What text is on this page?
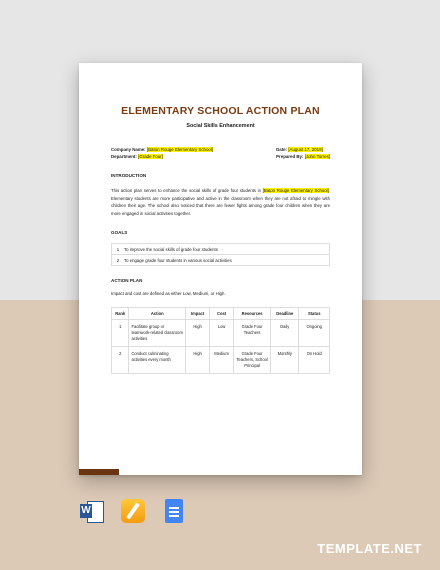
ELEMENTARY SCHOOL ACTION PLAN
Social Skills Enhancement
Company Name: [Baton Rouge Elementary School]
Department: [Grade Four]
Date: [August 17, 2019]
Prepared By: [John Torres]
INTRODUCTION
This action plan serves to enhance the social skills of grade four students in [Baton Rouge Elementary School]. Elementary students are more participative and active in the classroom when they are not afraid to mingle with children their age. The school also noticed that there are fewer fights among grade four children when they are more engaged in social activities together.
GOALS
1	To improve the social skills of grade four students
2	To engage grade four students in various social activities
ACTION PLAN
Impact and cost are defined as either Low, Medium, or High.
Rank	Action	Impact	Cost	Resources	Deadline	Status
1	Facilitate group or teamwork-related classroom activities	High	Low	Grade Four Teachers	Daily	Ongoing
2	Conduct culminating activities every month	High	Medium	Grade Four Teachers, School Principal	Monthly	On Hold
W
TEMPLATE.NET
